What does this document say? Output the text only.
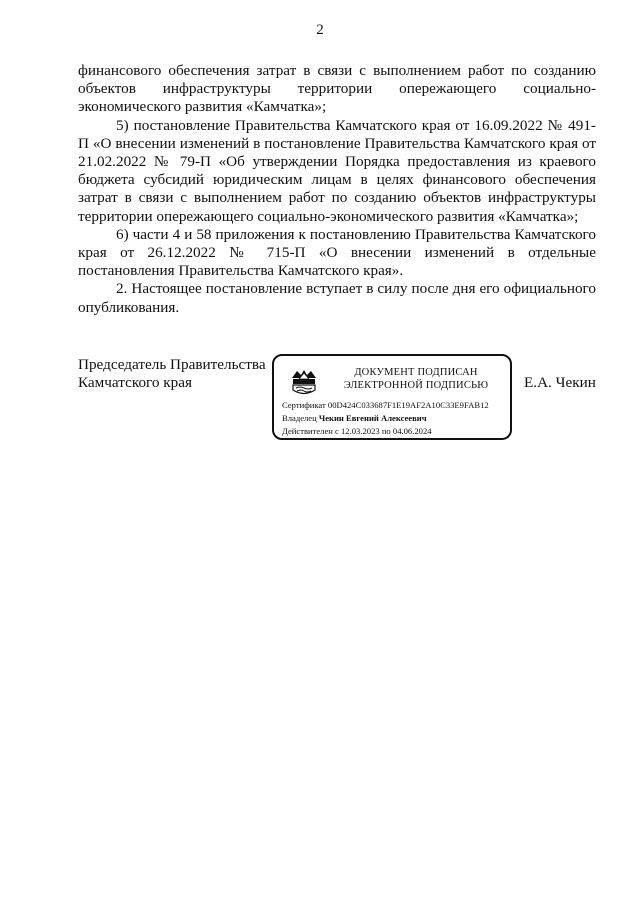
2

финансового обеспечения затрат в связи с выполнением работ по созданию объектов инфраструктуры территории опережающего социально-экономического развития «Камчатка»;

5) постановление Правительства Камчатского края от 16.09.2022 № 491-П «О внесении изменений в постановление Правительства Камчатского края от 21.02.2022 № 79-П «Об утверждении Порядка предоставления из краевого бюджета субсидий юридическим лицам в целях финансового обеспечения затрат в связи с выполнением работ по созданию объектов инфраструктуры территории опережающего социально-экономического развития «Камчатка»;

6) части 4 и 58 приложения к постановлению Правительства Камчатского края от 26.12.2022 № 715-П «О внесении изменений в отдельные постановления Правительства Камчатского края».

2. Настоящее постановление вступает в силу после дня его официального опубликования.

Председатель Правительства
Камчатского края
ДОКУМЕНТ ПОДПИСАН
ЭЛЕКТРОННОЙ ПОДПИСЬЮ
Сертификат 00D424C033687F1E19AF2A10C33E9FAB12
Владелец Чекин Евгений Алексеевич
Действителен с 12.03.2023 по 04.06.2024
Е.А. Чекин
